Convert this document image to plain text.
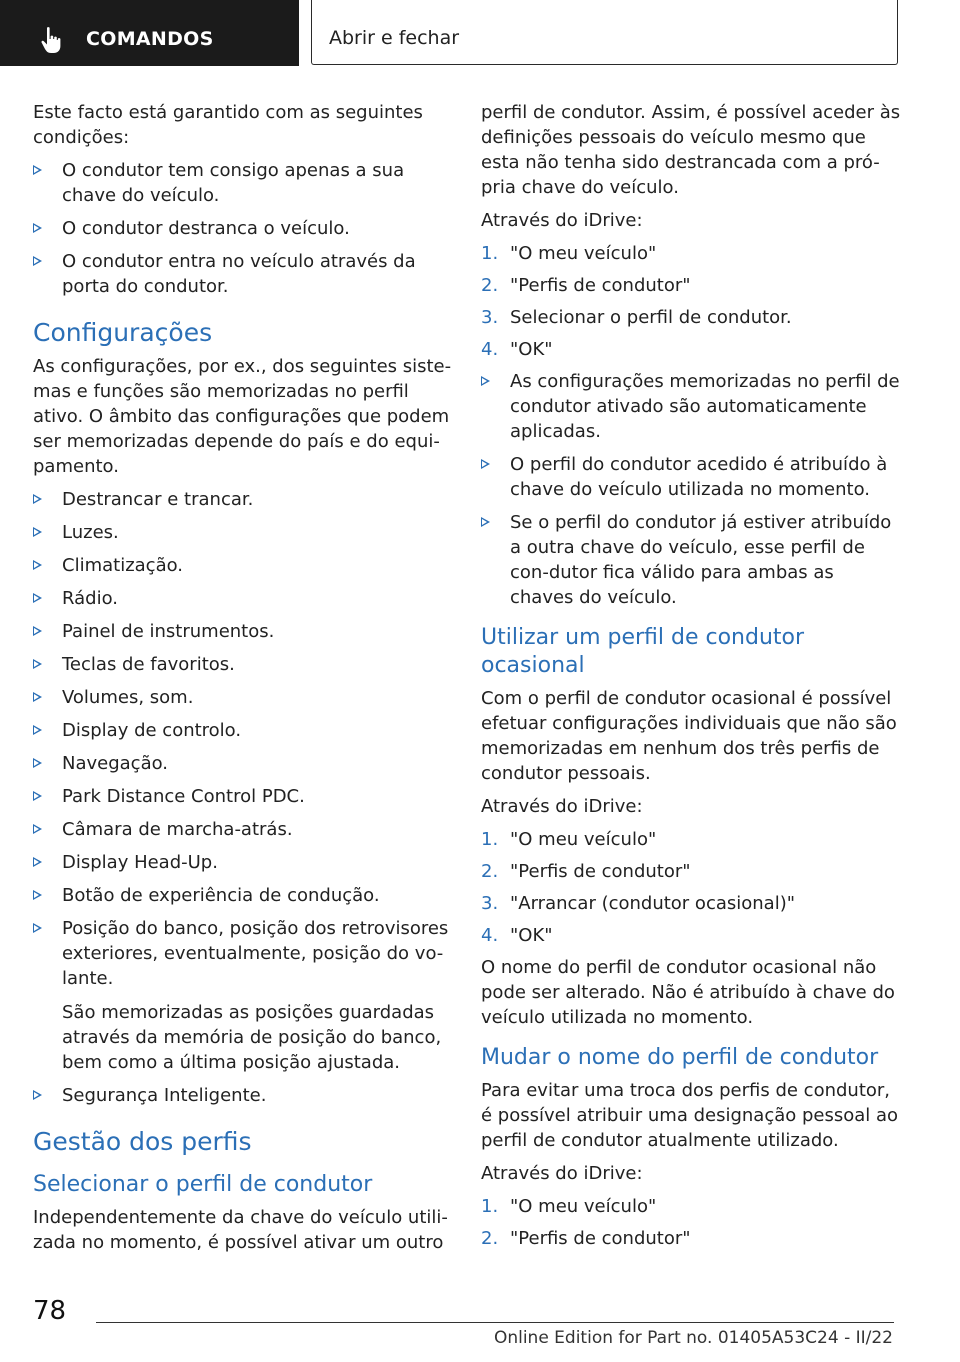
COMANDOS	Abrir e fechar

Este facto está garantido com as seguintes condições:

O condutor tem consigo apenas a sua chave do veículo.
O condutor destranca o veículo.
O condutor entra no veículo através da porta do condutor.
Configurações

As configurações, por ex., dos seguintes siste-mas e funções são memorizadas no perfil ativo. O âmbito das configurações que podem ser memorizadas depende do país e do equi-pamento.

Destrancar e trancar.
Luzes.
Climatização.
Rádio.
Painel de instrumentos.
Teclas de favoritos.
Volumes, som.
Display de controlo.
Navegação.
Park Distance Control PDC.
Câmara de marcha-atrás.
Display Head-Up.
Botão de experiência de condução.
Posição do banco, posição dos retrovisores exteriores, eventualmente, posição do vo-lante.

São memorizadas as posições guardadas através da memória de posição do banco, bem como a última posição ajustada.

Segurança Inteligente.
Gestão dos perfis
Selecionar o perfil de condutor

Independentemente da chave do veículo utili-zada no momento, é possível ativar um outro

perfil de condutor. Assim, é possível aceder às definições pessoais do veículo mesmo que esta não tenha sido destrancada com a pró-pria chave do veículo.

Através do iDrive:

1. "O meu veículo"
2. "Perfis de condutor"
3. Selecionar o perfil de condutor.
4. "OK"
As configurações memorizadas no perfil de condutor ativado são automaticamente aplicadas.
O perfil do condutor acedido é atribuído à chave do veículo utilizada no momento.
Se o perfil do condutor já estiver atribuído a outra chave do veículo, esse perfil de con-dutor fica válido para ambas as chaves do veículo.
Utilizar um perfil de condutor ocasional

Com o perfil de condutor ocasional é possível efetuar configurações individuais que não são memorizadas em nenhum dos três perfis de condutor pessoais.

Através do iDrive:

1. "O meu veículo"
2. "Perfis de condutor"
3. "Arrancar (condutor ocasional)"
4. "OK"

O nome do perfil de condutor ocasional não pode ser alterado. Não é atribuído à chave do veículo utilizada no momento.

Mudar o nome do perfil de condutor

Para evitar uma troca dos perfis de condutor, é possível atribuir uma designação pessoal ao perfil de condutor atualmente utilizado.

Através do iDrive:

1. "O meu veículo"
2. "Perfis de condutor"
78
Online Edition for Part no. 01405A53C24 - II/22
